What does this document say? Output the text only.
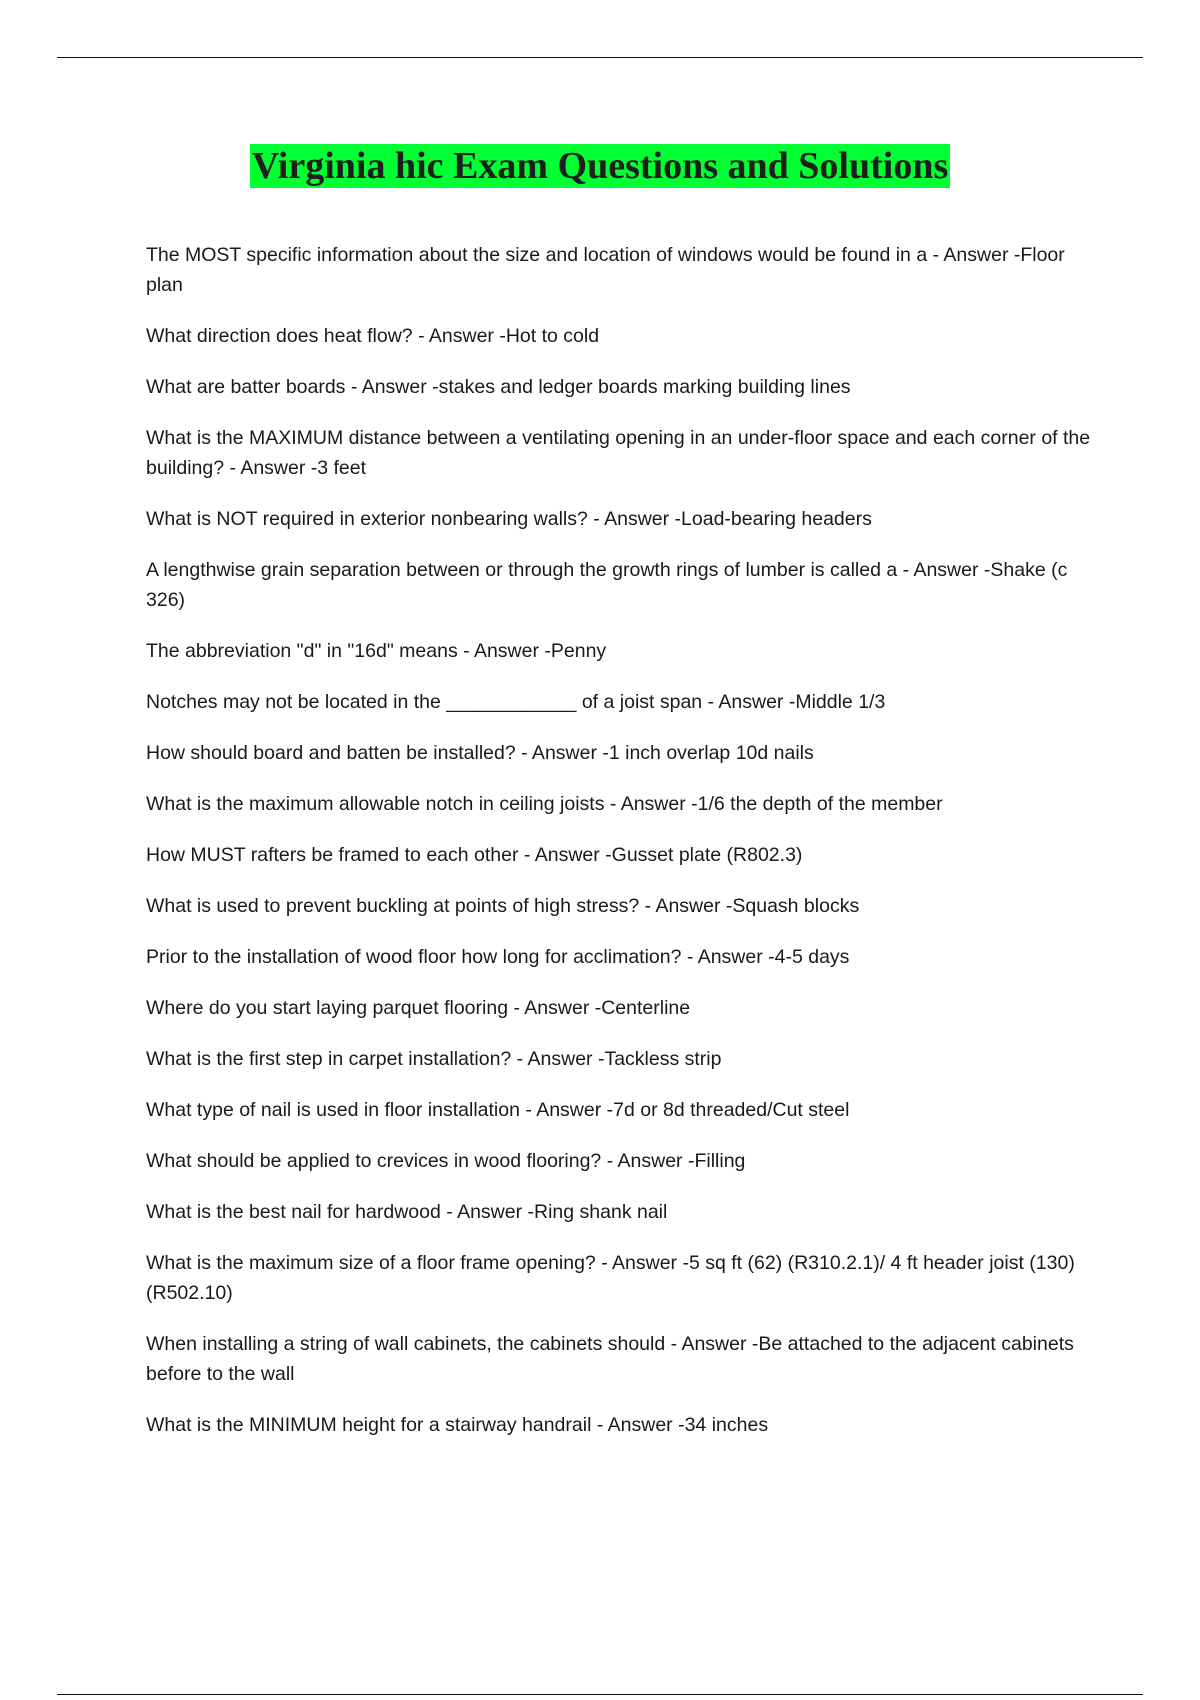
Virginia hic Exam Questions and Solutions
The MOST specific information about the size and location of windows would be found in a - Answer -Floor plan
What direction does heat flow? - Answer -Hot to cold
What are batter boards - Answer -stakes and ledger boards marking building lines
What is the MAXIMUM distance between a ventilating opening in an under-floor space and each corner of the building? - Answer -3 feet
What is NOT required in exterior nonbearing walls? - Answer -Load-bearing headers
A lengthwise grain separation between or through the growth rings of lumber is called a - Answer -Shake (c 326)
The abbreviation "d" in "16d" means - Answer -Penny
Notches may not be located in the ____________ of a joist span - Answer -Middle 1/3
How should board and batten be installed? - Answer -1 inch overlap 10d nails
What is the maximum allowable notch in ceiling joists - Answer -1/6 the depth of the member
How MUST rafters be framed to each other - Answer -Gusset plate (R802.3)
What is used to prevent buckling at points of high stress? - Answer -Squash blocks
Prior to the installation of wood floor how long for acclimation? - Answer -4-5 days
Where do you start laying parquet flooring - Answer -Centerline
What is the first step in carpet installation? - Answer -Tackless strip
What type of nail is used in floor installation - Answer -7d or 8d threaded/Cut steel
What should be applied to crevices in wood flooring? - Answer -Filling
What is the best nail for hardwood - Answer -Ring shank nail
What is the maximum size of a floor frame opening? - Answer -5 sq ft (62) (R310.2.1)/ 4 ft header joist (130) (R502.10)
When installing a string of wall cabinets, the cabinets should - Answer -Be attached to the adjacent cabinets before to the wall
What is the MINIMUM height for a stairway handrail - Answer -34 inches
